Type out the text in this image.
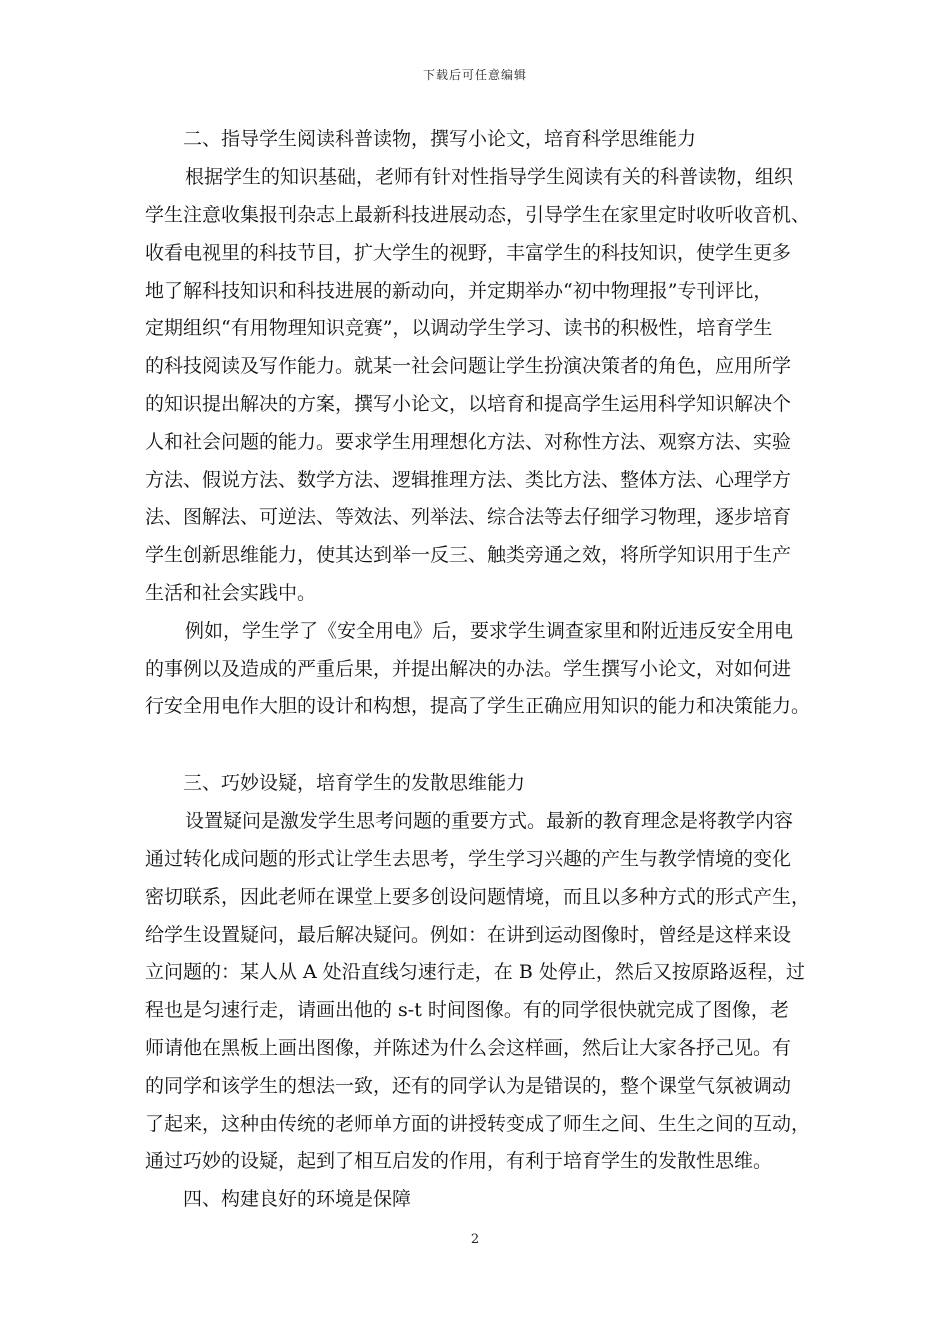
下载后可任意编辑
二、指导学生阅读科普读物，撰写小论文，培育科学思维能力
根据学生的知识基础，老师有针对性指导学生阅读有关的科普读物，组织
学生注意收集报刊杂志上最新科技进展动态，引导学生在家里定时收听收音机、
收看电视里的科技节目，扩大学生的视野，丰富学生的科技知识，使学生更多
地了解科技知识和科技进展的新动向，并定期举办“初中物理报”专刊评比，
定期组织“有用物理知识竞赛”，以调动学生学习、读书的积极性，培育学生
的科技阅读及写作能力。就某一社会问题让学生扮演决策者的角色，应用所学
的知识提出解决的方案，撰写小论文，以培育和提高学生运用科学知识解决个
人和社会问题的能力。要求学生用理想化方法、对称性方法、观察方法、实验
方法、假说方法、数学方法、逻辑推理方法、类比方法、整体方法、心理学方
法、图解法、可逆法、等效法、列举法、综合法等去仔细学习物理，逐步培育
学生创新思维能力，使其达到举一反三、触类旁通之效，将所学知识用于生产
生活和社会实践中。
例如，学生学了《安全用电》后，要求学生调查家里和附近违反安全用电
的事例以及造成的严重后果，并提出解决的办法。学生撰写小论文，对如何进
行安全用电作大胆的设计和构想，提高了学生正确应用知识的能力和决策能力。
三、巧妙设疑，培育学生的发散思维能力
设置疑问是激发学生思考问题的重要方式。最新的教育理念是将教学内容
通过转化成问题的形式让学生去思考，学生学习兴趣的产生与教学情境的变化
密切联系，因此老师在课堂上要多创设问题情境，而且以多种方式的形式产生，
给学生设置疑问，最后解决疑问。例如：在讲到运动图像时，曾经是这样来设
立问题的：某人从 A 处沿直线匀速行走，在 B 处停止，然后又按原路返程，过
程也是匀速行走，请画出他的 s-t 时间图像。有的同学很快就完成了图像，老
师请他在黑板上画出图像，并陈述为什么会这样画，然后让大家各抒己见。有
的同学和该学生的想法一致，还有的同学认为是错误的，整个课堂气氛被调动
了起来，这种由传统的老师单方面的讲授转变成了师生之间、生生之间的互动，
通过巧妙的设疑，起到了相互启发的作用，有利于培育学生的发散性思维。
四、构建良好的环境是保障
2
